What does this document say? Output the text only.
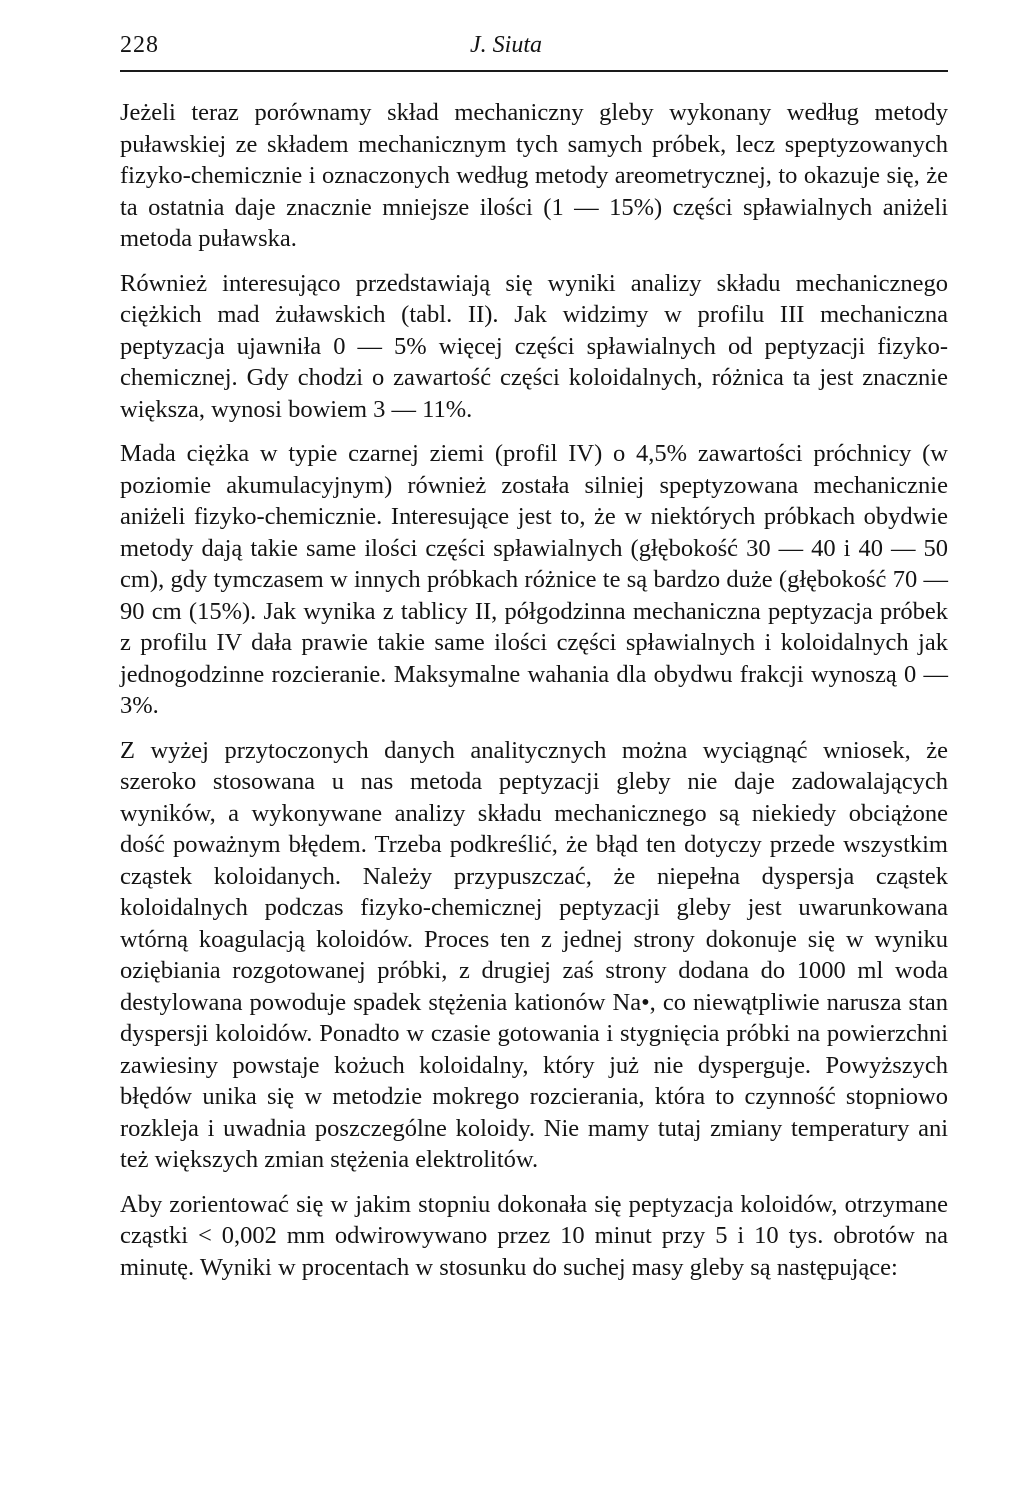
228	J. Siuta

Jeżeli teraz porównamy skład mechaniczny gleby wykonany według metody puławskiej ze składem mechanicznym tych samych próbek, lecz speptyzowanych fizyko-chemicznie i oznaczonych według metody areometrycznej, to okazuje się, że ta ostatnia daje znacznie mniejsze ilości (1 — 15%) części spławialnych aniżeli metoda puławska.

Również interesująco przedstawiają się wyniki analizy składu mechanicznego ciężkich mad żuławskich (tabl. II). Jak widzimy w profilu III mechaniczna peptyzacja ujawniła 0 — 5% więcej części spławialnych od peptyzacji fizyko-chemicznej. Gdy chodzi o zawartość części koloidalnych, różnica ta jest znacznie większa, wynosi bowiem 3 — 11%.

Mada ciężka w typie czarnej ziemi (profil IV) o 4,5% zawartości próchnicy (w poziomie akumulacyjnym) również została silniej speptyzowana mechanicznie aniżeli fizyko-chemicznie. Interesujące jest to, że w niektórych próbkach obydwie metody dają takie same ilości części spławialnych (głębokość 30 — 40 i 40 — 50 cm), gdy tymczasem w innych próbkach różnice te są bardzo duże (głębokość 70 — 90 cm (15%). Jak wynika z tablicy II, półgodzinna mechaniczna peptyzacja próbek z profilu IV dała prawie takie same ilości części spławialnych i koloidalnych jak jednogodzinne rozcieranie. Maksymalne wahania dla obydwu frakcji wynoszą 0 — 3%.

Z wyżej przytoczonych danych analitycznych można wyciągnąć wniosek, że szeroko stosowana u nas metoda peptyzacji gleby nie daje zadowalających wyników, a wykonywane analizy składu mechanicznego są niekiedy obciążone dość poważnym błędem. Trzeba podkreślić, że błąd ten dotyczy przede wszystkim cząstek koloidanych. Należy przypuszczać, że niepełna dyspersja cząstek koloidalnych podczas fizyko-chemicznej peptyzacji gleby jest uwarunkowana wtórną koagulacją koloidów. Proces ten z jednej strony dokonuje się w wyniku oziębiania rozgotowanej próbki, z drugiej zaś strony dodana do 1000 ml woda destylowana powoduje spadek stężenia kationów Na•, co niewątpliwie narusza stan dyspersji koloidów. Ponadto w czasie gotowania i stygnięcia próbki na powierzchni zawiesiny powstaje kożuch koloidalny, który już nie dysperguje. Powyższych błędów unika się w metodzie mokrego rozcierania, która to czynność stopniowo rozkleja i uwadnia poszczególne koloidy. Nie mamy tutaj zmiany temperatury ani też większych zmian stężenia elektrolitów.

Aby zorientować się w jakim stopniu dokonała się peptyzacja koloidów, otrzymane cząstki < 0,002 mm odwirowywano przez 10 minut przy 5 i 10 tys. obrotów na minutę. Wyniki w procentach w stosunku do suchej masy gleby są następujące:
